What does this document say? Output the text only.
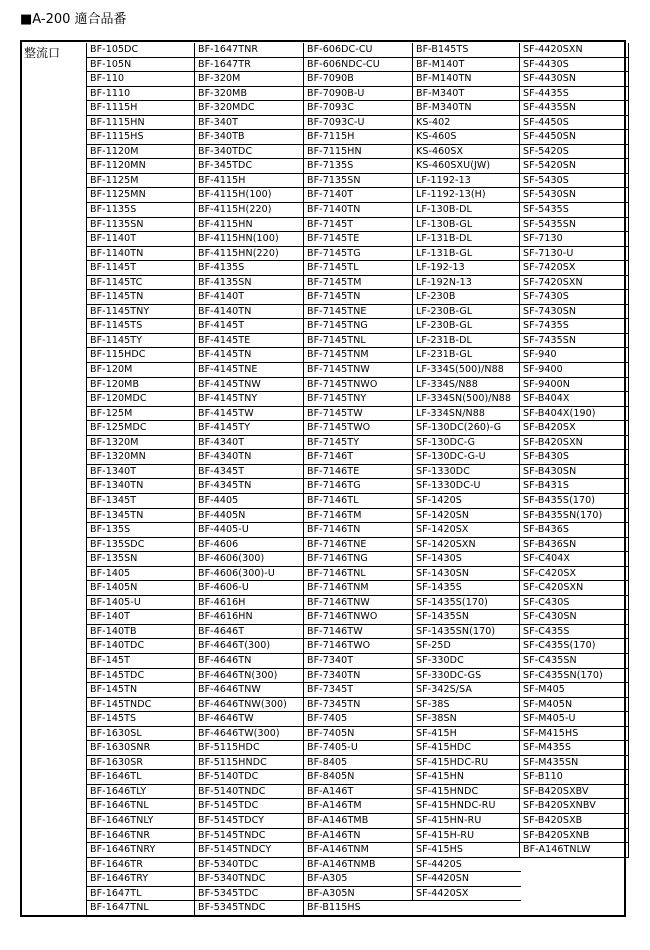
■A-200 適合品番
整流口	BF-105DC
BF-105N
BF-110
BF-1110
BF-1115H
BF-1115HN
BF-1115HS
BF-1120M
BF-1120MN
BF-1125M
BF-1125MN
BF-1135S
BF-1135SN
BF-1140T
BF-1140TN
BF-1145T
BF-1145TC
BF-1145TN
BF-1145TNY
BF-1145TS
BF-1145TY
BF-115HDC
BF-120M
BF-120MB
BF-120MDC
BF-125M
BF-125MDC
BF-1320M
BF-1320MN
BF-1340T
BF-1340TN
BF-1345T
BF-1345TN
BF-135S
BF-135SDC
BF-135SN
BF-1405
BF-1405N
BF-1405-U
BF-140T
BF-140TB
BF-140TDC
BF-145T
BF-145TDC
BF-145TN
BF-145TNDC
BF-145TS
BF-1630SL
BF-1630SNR
BF-1630SR
BF-1646TL
BF-1646TLY
BF-1646TNL
BF-1646TNLY
BF-1646TNR
BF-1646TNRY
BF-1646TR
BF-1646TRY
BF-1647TL
BF-1647TNL
BF-1647TNR
BF-1647TR
BF-320M
BF-320MB
BF-320MDC
BF-340T
BF-340TB
BF-340TDC
BF-345TDC
BF-4115H
BF-4115H(100)
BF-4115H(220)
BF-4115HN
BF-4115HN(100)
BF-4115HN(220)
BF-4135S
BF-4135SN
BF-4140T
BF-4140TN
BF-4145T
BF-4145TE
BF-4145TN
BF-4145TNE
BF-4145TNW
BF-4145TNY
BF-4145TW
BF-4145TY
BF-4340T
BF-4340TN
BF-4345T
BF-4345TN
BF-4405
BF-4405N
BF-4405-U
BF-4606
BF-4606(300)
BF-4606(300)-U
BF-4606-U
BF-4616H
BF-4616HN
BF-4646T
BF-4646T(300)
BF-4646TN
BF-4646TN(300)
BF-4646TNW
BF-4646TNW(300)
BF-4646TW
BF-4646TW(300)
BF-5115HDC
BF-5115HNDC
BF-5140TDC
BF-5140TNDC
BF-5145TDC
BF-5145TDCY
BF-5145TNDC
BF-5145TNDCY
BF-5340TDC
BF-5340TNDC
BF-5345TDC
BF-5345TNDC
BF-606DC-CU
BF-606NDC-CU
BF-7090B
BF-7090B-U
BF-7093C
BF-7093C-U
BF-7115H
BF-7115HN
BF-7135S
BF-7135SN
BF-7140T
BF-7140TN
BF-7145T
BF-7145TE
BF-7145TG
BF-7145TL
BF-7145TM
BF-7145TN
BF-7145TNE
BF-7145TNG
BF-7145TNL
BF-7145TNM
BF-7145TNW
BF-7145TNWO
BF-7145TNY
BF-7145TW
BF-7145TWO
BF-7145TY
BF-7146T
BF-7146TE
BF-7146TG
BF-7146TL
BF-7146TM
BF-7146TN
BF-7146TNE
BF-7146TNG
BF-7146TNL
BF-7146TNM
BF-7146TNW
BF-7146TNWO
BF-7146TW
BF-7146TWO
BF-7340T
BF-7340TN
BF-7345T
BF-7345TN
BF-7405
BF-7405N
BF-7405-U
BF-8405
BF-8405N
BF-A146T
BF-A146TM
BF-A146TMB
BF-A146TN
BF-A146TNM
BF-A146TNMB
BF-A305
BF-A305N
BF-B115HS
BF-B145TS
BF-M140T
BF-M140TN
BF-M340T
BF-M340TN
KS-402
KS-460S
KS-460SX
KS-460SXU(JW)
LF-1192-13
LF-1192-13(H)
LF-130B-DL
LF-130B-GL
LF-131B-DL
LF-131B-GL
LF-192-13
LF-192N-13
LF-230B
LF-230B-GL
LF-230B-GL
LF-231B-DL
LF-231B-GL
LF-334S(500)/N88
LF-334S/N88
LF-334SN(500)/N88
LF-334SN/N88
SF-130DC(260)-G
SF-130DC-G
SF-130DC-G-U
SF-1330DC
SF-1330DC-U
SF-1420S
SF-1420SN
SF-1420SX
SF-1420SXN
SF-1430S
SF-1430SN
SF-1435S
SF-1435S(170)
SF-1435SN
SF-1435SN(170)
SF-25D
SF-330DC
SF-330DC-GS
SF-342S/SA
SF-38S
SF-38SN
SF-415H
SF-415HDC
SF-415HDC-RU
SF-415HN
SF-415HNDC
SF-415HNDC-RU
SF-415HN-RU
SF-415H-RU
SF-415HS
SF-4420S
SF-4420SN
SF-4420SX
SF-4420SXN
SF-4430S
SF-4430SN
SF-4435S
SF-4435SN
SF-4450S
SF-4450SN
SF-5420S
SF-5420SN
SF-5430S
SF-5430SN
SF-5435S
SF-5435SN
SF-7130
SF-7130-U
SF-7420SX
SF-7420SXN
SF-7430S
SF-7430SN
SF-7435S
SF-7435SN
SF-940
SF-9400
SF-9400N
SF-B404X
SF-B404X(190)
SF-B420SX
SF-B420SXN
SF-B430S
SF-B430SN
SF-B431S
SF-B435S(170)
SF-B435SN(170)
SF-B436S
SF-B436SN
SF-C404X
SF-C420SX
SF-C420SXN
SF-C430S
SF-C430SN
SF-C435S
SF-C435S(170)
SF-C435SN
SF-C435SN(170)
SF-M405
SF-M405N
SF-M405-U
SF-M415HS
SF-M435S
SF-M435SN
SF-B110
SF-B420SXBV
SF-B420SXNBV
SF-B420SXB
SF-B420SXNB
BF-A146TNLW
